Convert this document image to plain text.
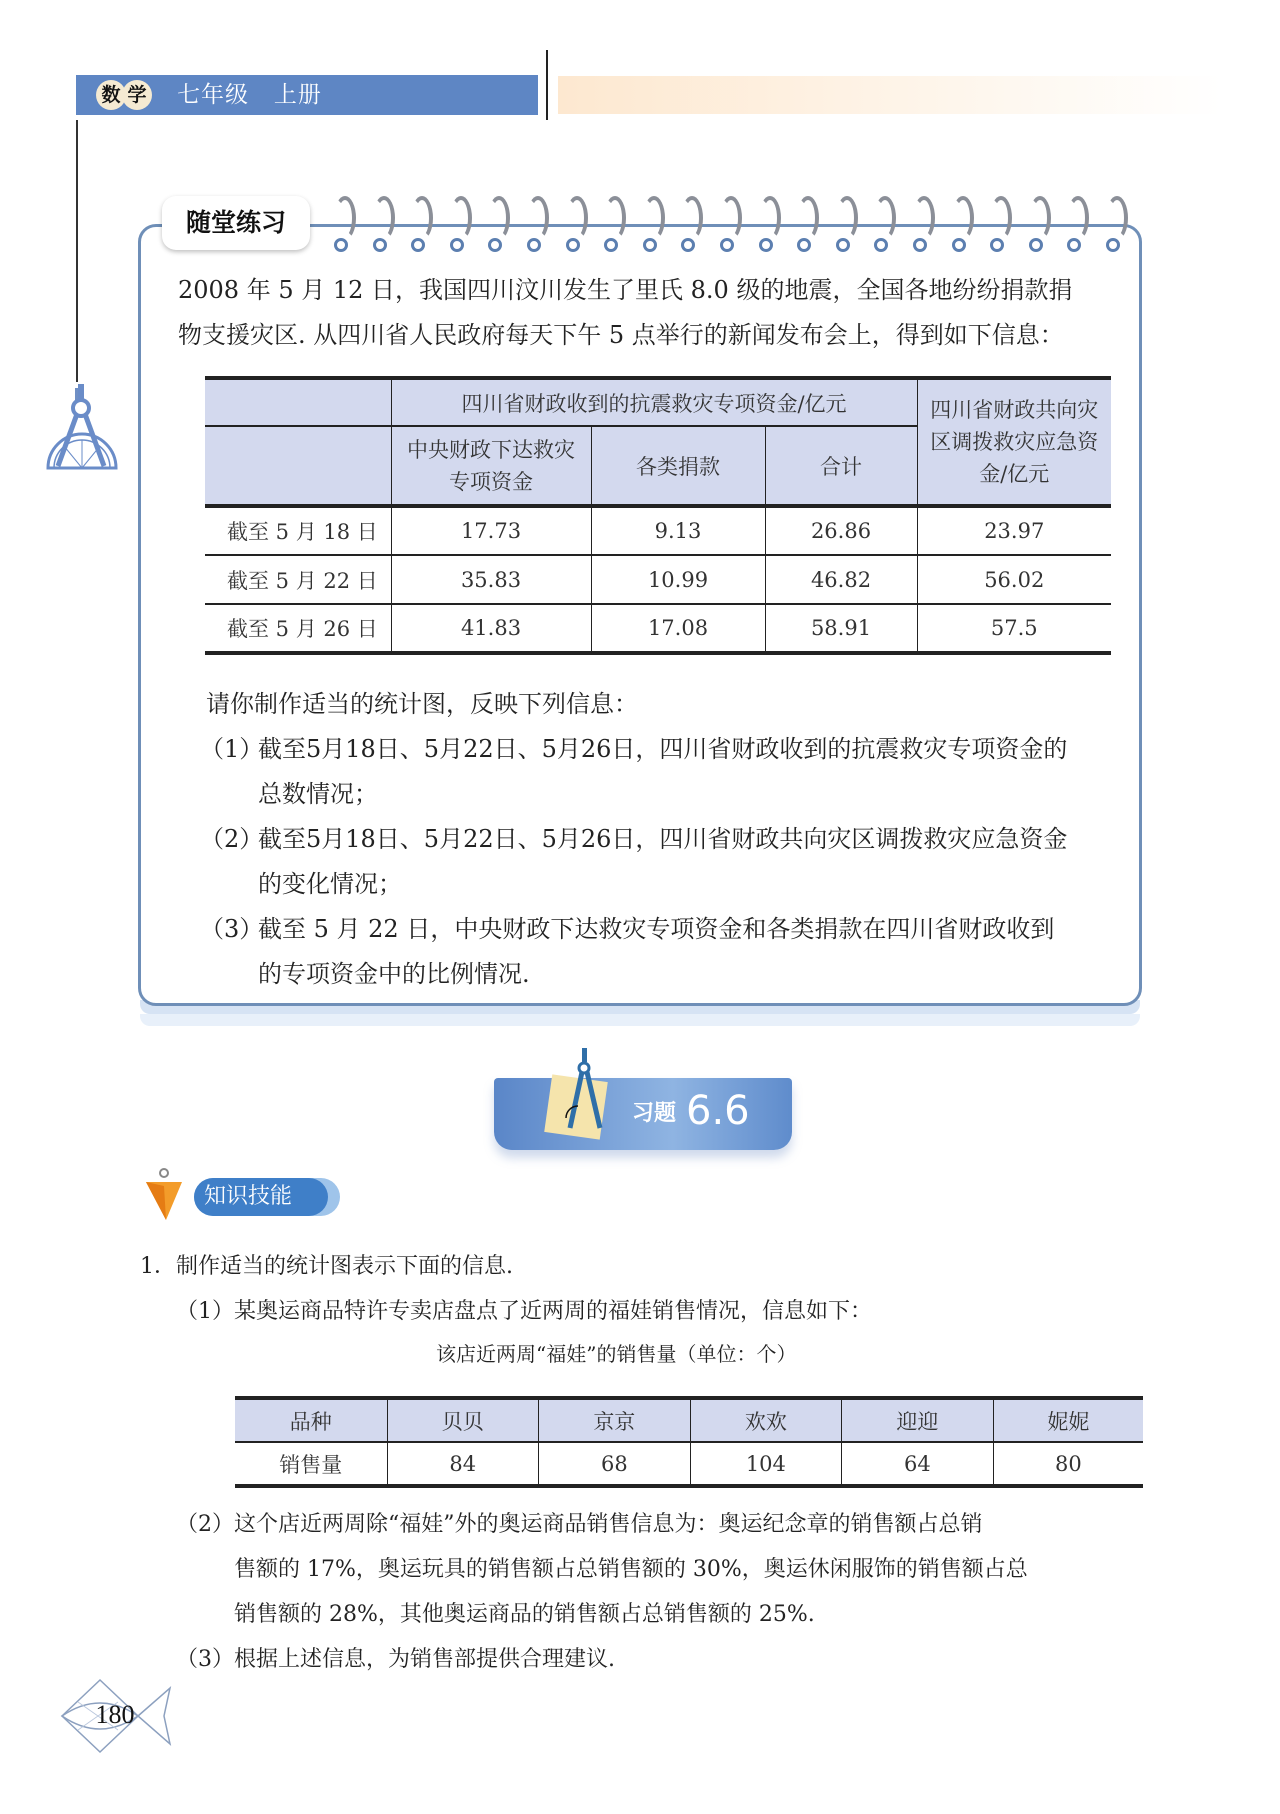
数 学 七年级   上册
随堂练习
2008 年 5 月 12 日，我国四川汶川发生了里氏 8.0 级的地震，全国各地纷纷捐款捐
物支援灾区. 从四川省人民政府每天下午 5 点举行的新闻发布会上，得到如下信息：
	四川省财政收到的抗震救灾专项资金/亿元			四川省财政共向灾
区调拨救灾应急资
金/亿元

	中央财政下达救灾
专项资金	各类捐款	合计	
截至 5 月 18 日	17.73	9.13	26.86	23.97
截至 5 月 22 日	35.83	10.99	46.82	56.02
截至 5 月 26 日	41.83	17.08	58.91	57.5
请你制作适当的统计图，反映下列信息：
（1）
截至5月18日、5月22日、5月26日，四川省财政收到的抗震救灾专项资金的
总数情况；
（2）
截至5月18日、5月22日、5月26日，四川省财政共向灾区调拨救灾应急资金
的变化情况；
（3）
截至 5 月 22 日，中央财政下达救灾专项资金和各类捐款在四川省财政收到
的专项资金中的比例情况.
习题 6.6
知识技能
1．制作适当的统计图表示下面的信息.
（1）某奥运商品特许专卖店盘点了近两周的福娃销售情况，信息如下：
该店近两周“福娃”的销售量（单位：个）
品种	贝贝	京京	欢欢	迎迎	妮妮
销售量	84	68	104	64	80
（2）这个店近两周除“福娃”外的奥运商品销售信息为：奥运纪念章的销售额占总销
售额的 17%，奥运玩具的销售额占总销售额的 30%，奥运休闲服饰的销售额占总
销售额的 28%，其他奥运商品的销售额占总销售额的 25%.
（3）根据上述信息，为销售部提供合理建议.
180
